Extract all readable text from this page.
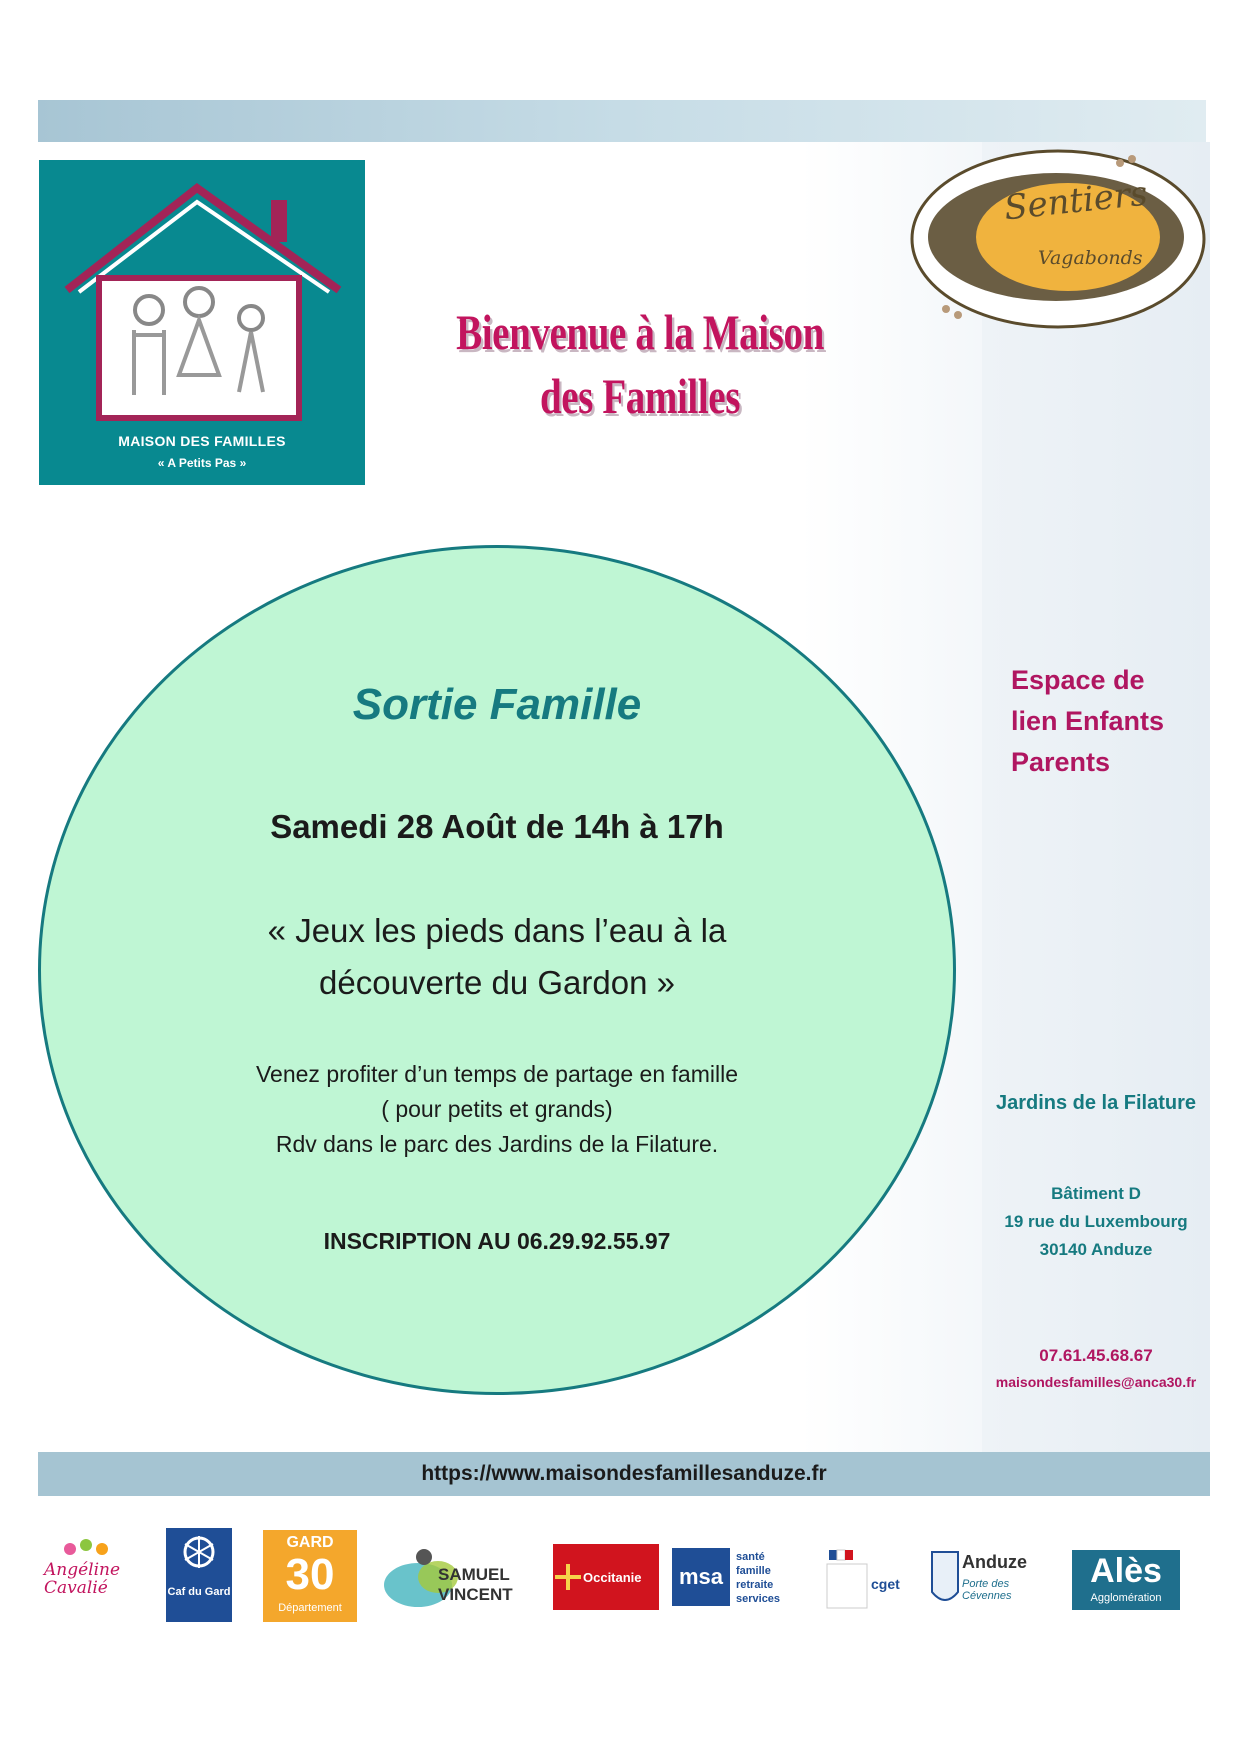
MAISON DES FAMILLES
« A Petits Pas »
Sentiers
Vagabonds
Bienvenue à la Maison
des Familles
Sortie Famille
Samedi 28 Août de 14h à 17h
« Jeux les pieds dans l’eau à la
découverte du Gardon »
Venez profiter d’un temps de partage en famille
( pour petits et grands)
Rdv dans le parc des Jardins de la Filature.
INSCRIPTION AU 06.29.92.55.97
Espace de
lien Enfants
Parents
Jardins de la Filature
Bâtiment D
19 rue du Luxembourg
30140 Anduze
07.61.45.68.67
maisondesfamilles@anca30.fr
https://www.maisondesfamillesanduze.fr
Angéline Cavalié	Caf du Gard
GARD
30
Département
SAMUEL VINCENT
Occitanie	msa
santé famille retraite services
cget
Anduze
Porte des Cévennes
Alès
Agglomération
